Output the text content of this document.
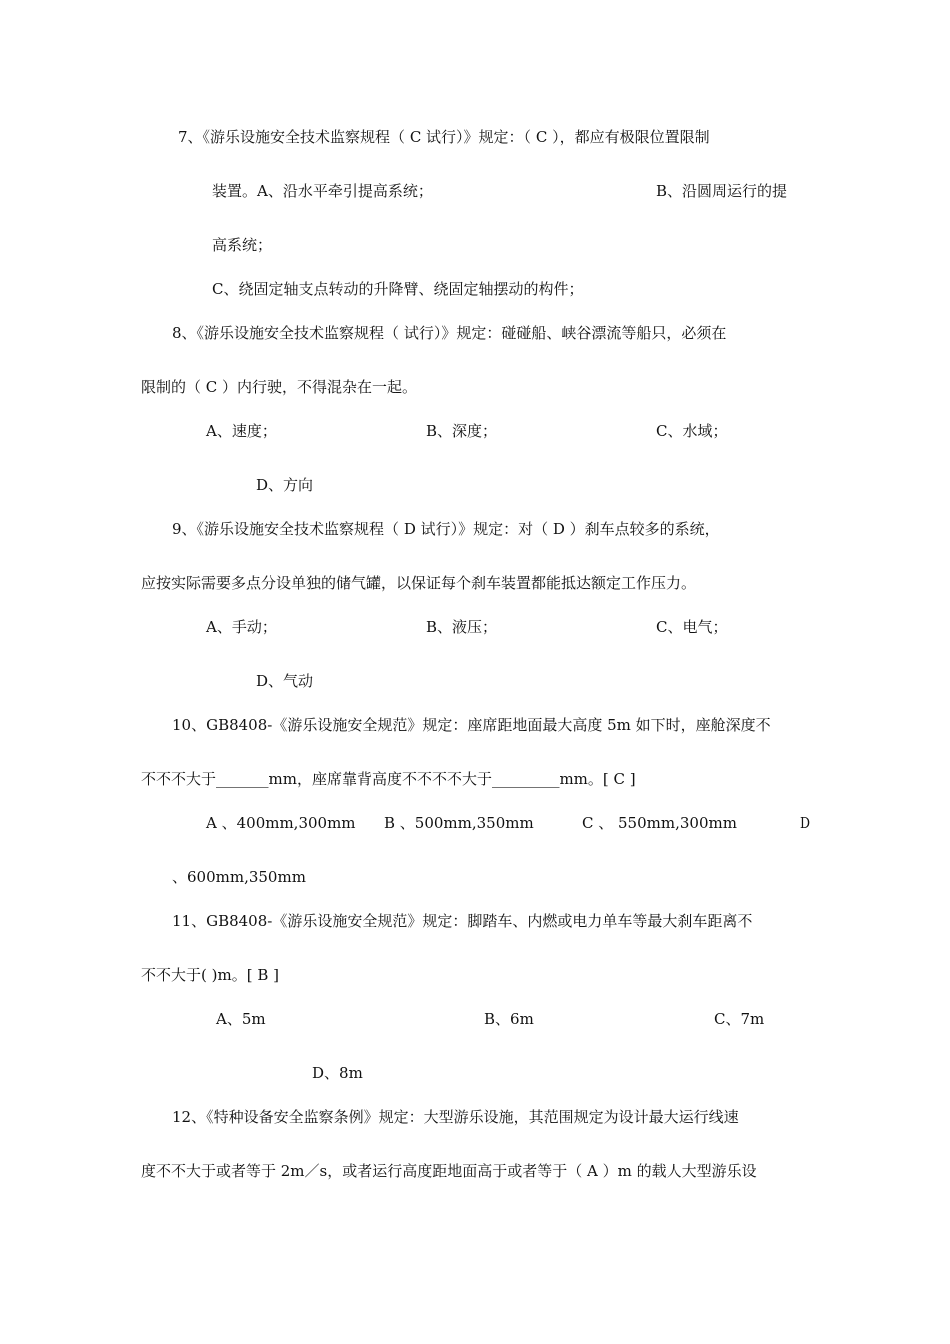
7、《游乐设施安全技术监察规程（ C 试行）》规定：（ C ），都应有极限位置限制
装置。A、沿水平牵引提高系统；	B、沿圆周运行的提
高系统；
C、绕固定轴支点转动的升降臂、绕固定轴摆动的构件；
8、《游乐设施安全技术监察规程（ 试行）》规定：碰碰船、峡谷漂流等船只，必须在
限制的（ C ）内行驶，不得混杂在一起。
A、速度；	B、深度；	C、水域；
D、方向
9、《游乐设施安全技术监察规程（ D 试行）》规定：对（ D ）刹车点较多的系统，
应按实际需要多点分设单独的储气罐，以保证每个刹车装置都能抵达额定工作压力。
A、手动；	B、液压；	C、电气；
D、气动
10、GB8408-《游乐设施安全规范》规定：座席距地面最大高度 5m 如下时，座舱深度不
不不不大于_______mm，座席靠背高度不不不不大于_________mm。[ C ]
A 、400mm,300mm B 、500mm,350mm	C 、 550mm,300mm	D
、600mm,350mm
11、GB8408-《游乐设施安全规范》规定：脚踏车、内燃或电力单车等最大刹车距离不
不不大于( )m。[ B ]
A、5m	B、6m	C、7m
D、8m
12、《特种设备安全监察条例》规定：大型游乐设施，其范围规定为设计最大运行线速
度不不大于或者等于 2m／s，或者运行高度距地面高于或者等于（ A ）m 的载人大型游乐设
